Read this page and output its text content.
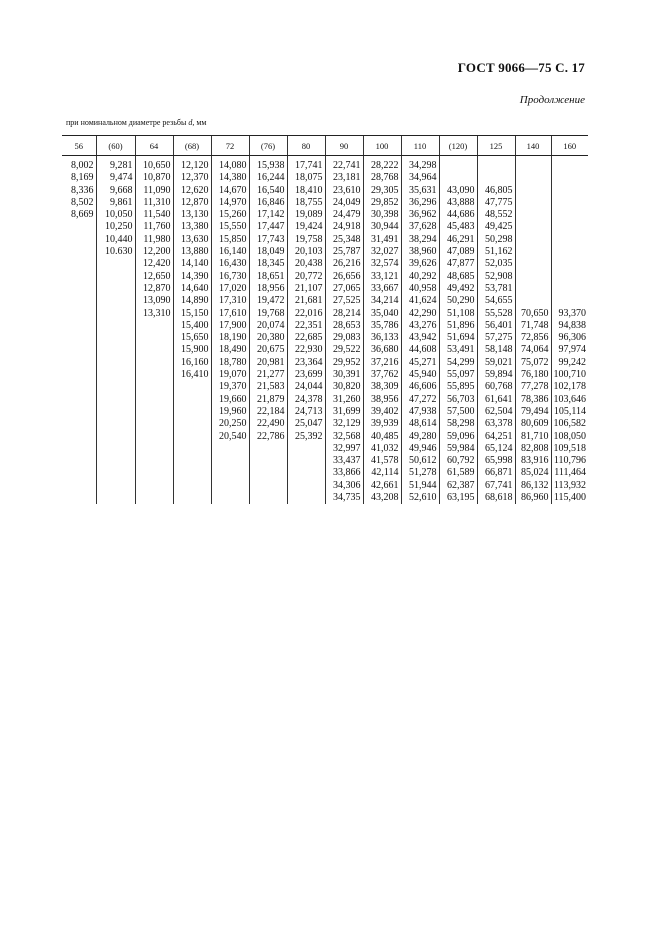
ГОСТ 9066—75 С. 17
Продолжение
при номинальном диаметре резьбы d, мм
56	(60)	64	(68)	72	(76)	80	90	100	110	(120)	125	140	160
8,002	9,281	10,650	12,120	14,080	15,938	17,741	22,741	28,222	34,298				
8,169	9,474	10,870	12,370	14,380	16,244	18,075	23,181	28,768	34,964				
8,336	9,668	11,090	12,620	14,670	16,540	18,410	23,610	29,305	35,631	43,090	46,805		
8,502	9,861	11,310	12,870	14,970	16,846	18,755	24,049	29,852	36,296	43,888	47,775		
8,669	10,050	11,540	13,130	15,260	17,142	19,089	24,479	30,398	36,962	44,686	48,552		
	10,250	11,760	13,380	15,550	17,447	19,424	24,918	30,944	37,628	45,483	49,425		
	10,440	11,980	13,630	15,850	17,743	19,758	25,348	31,491	38,294	46,291	50,298		
	10.630	12,200	13,880	16,140	18,049	20,103	25,787	32,027	38,960	47,089	51,162		
		12,420	14,140	16,430	18,345	20,438	26,216	32,574	39,626	47,877	52,035		
		12,650	14,390	16,730	18,651	20,772	26,656	33,121	40,292	48,685	52,908		
		12,870	14,640	17,020	18,956	21,107	27,065	33,667	40,958	49,492	53,781		
		13,090	14,890	17,310	19,472	21,681	27,525	34,214	41,624	50,290	54,655		
		13,310	15,150	17,610	19,768	22,016	28,214	35,040	42,290	51,108	55,528	70,650	93,370
			15,400	17,900	20,074	22,351	28,653	35,786	43,276	51,896	56,401	71,748	94,838
			15,650	18,190	20,380	22,685	29,083	36,133	43,942	51,694	57,275	72,856	96,306
			15,900	18,490	20,675	22,930	29,522	36,680	44,608	53,491	58,148	74,064	97,974
			16,160	18,780	20,981	23,364	29,952	37,216	45,271	54,299	59,021	75,072	99,242
			16,410	19,070	21,277	23,699	30,391	37,762	45,940	55,097	59,894	76,180	100,710
				19,370	21,583	24,044	30,820	38,309	46,606	55,895	60,768	77,278	102,178
				19,660	21,879	24,378	31,260	38,956	47,272	56,703	61,641	78,386	103,646
				19,960	22,184	24,713	31,699	39,402	47,938	57,500	62,504	79,494	105,114
				20,250	22,490	25,047	32,129	39,939	48,614	58,298	63,378	80,609	106,582
				20,540	22,786	25,392	32,568	40,485	49,280	59,096	64,251	81,710	108,050
							32,997	41,032	49,946	59,984	65,124	82,808	109,518
							33,437	41,578	50,612	60,792	65,998	83,916	110,796
							33,866	42,114	51,278	61,589	66,871	85,024	111,464
							34,306	42,661	51,944	62,387	67,741	86,132	113,932
							34,735	43,208	52,610	63,195	68,618	86,960	115,400
